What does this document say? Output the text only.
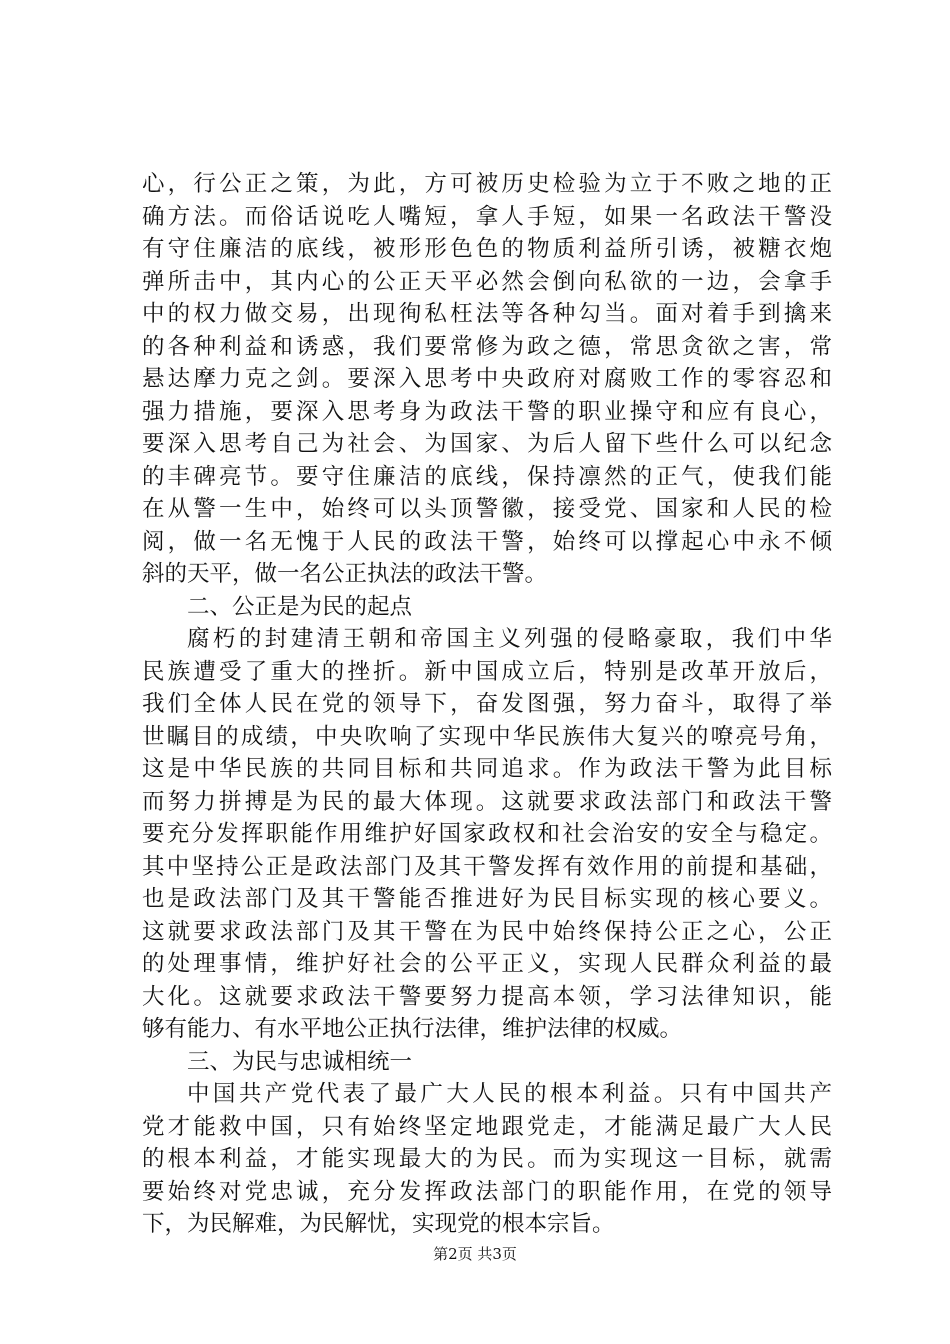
心，行公正之策，为此，方可被历史检验为立于不败之地的正
确方法。而俗话说吃人嘴短，拿人手短，如果一名政法干警没
有守住廉洁的底线，被形形色色的物质利益所引诱，被糖衣炮
弹所击中，其内心的公正天平必然会倒向私欲的一边，会拿手
中的权力做交易，出现徇私枉法等各种勾当。面对着手到擒来
的各种利益和诱惑，我们要常修为政之德，常思贪欲之害，常
悬达摩力克之剑。要深入思考中央政府对腐败工作的零容忍和
强力措施，要深入思考身为政法干警的职业操守和应有良心，
要深入思考自己为社会、为国家、为后人留下些什么可以纪念
的丰碑亮节。要守住廉洁的底线，保持凛然的正气，使我们能
在从警一生中，始终可以头顶警徽，接受党、国家和人民的检
阅，做一名无愧于人民的政法干警，始终可以撑起心中永不倾
斜的天平，做一名公正执法的政法干警。
二、公正是为民的起点
腐朽的封建清王朝和帝国主义列强的侵略豪取，我们中华
民族遭受了重大的挫折。新中国成立后，特别是改革开放后，
我们全体人民在党的领导下，奋发图强，努力奋斗，取得了举
世瞩目的成绩，中央吹响了实现中华民族伟大复兴的嘹亮号角，
这是中华民族的共同目标和共同追求。作为政法干警为此目标
而努力拼搏是为民的最大体现。这就要求政法部门和政法干警
要充分发挥职能作用维护好国家政权和社会治安的安全与稳定。
其中坚持公正是政法部门及其干警发挥有效作用的前提和基础，
也是政法部门及其干警能否推进好为民目标实现的核心要义。
这就要求政法部门及其干警在为民中始终保持公正之心，公正
的处理事情，维护好社会的公平正义，实现人民群众利益的最
大化。这就要求政法干警要努力提高本领，学习法律知识，能
够有能力、有水平地公正执行法律，维护法律的权威。
三、为民与忠诚相统一
中国共产党代表了最广大人民的根本利益。只有中国共产
党才能救中国，只有始终坚定地跟党走，才能满足最广大人民
的根本利益，才能实现最大的为民。而为实现这一目标，就需
要始终对党忠诚，充分发挥政法部门的职能作用，在党的领导
下，为民解难，为民解忧，实现党的根本宗旨。
第2页 共3页
